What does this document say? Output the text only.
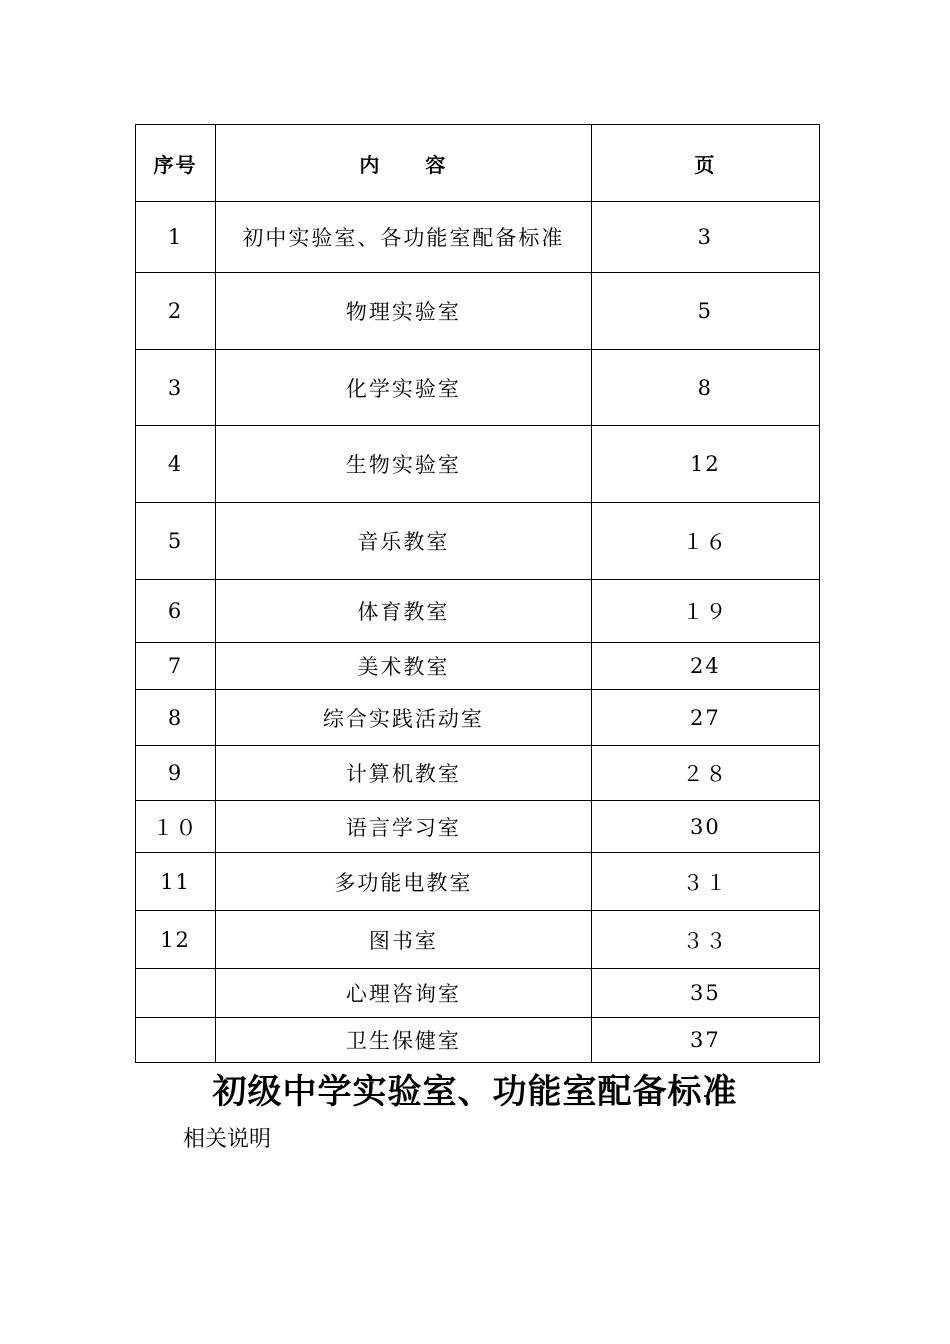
序号	内　　容	页
1	初中实验室、各功能室配备标准	3
2	物理实验室	5
3	化学实验室	8
4	生物实验室	12
5	音乐教室	１６
6	体育教室	１９
7	美术教室	24
8	综合实践活动室	27
9	计算机教室	２８
１０	语言学习室	30
11	多功能电教室	３１
12	图书室	３３
	心理咨询室	35
	卫生保健室	37
初级中学实验室、功能室配备标准

相关说明
